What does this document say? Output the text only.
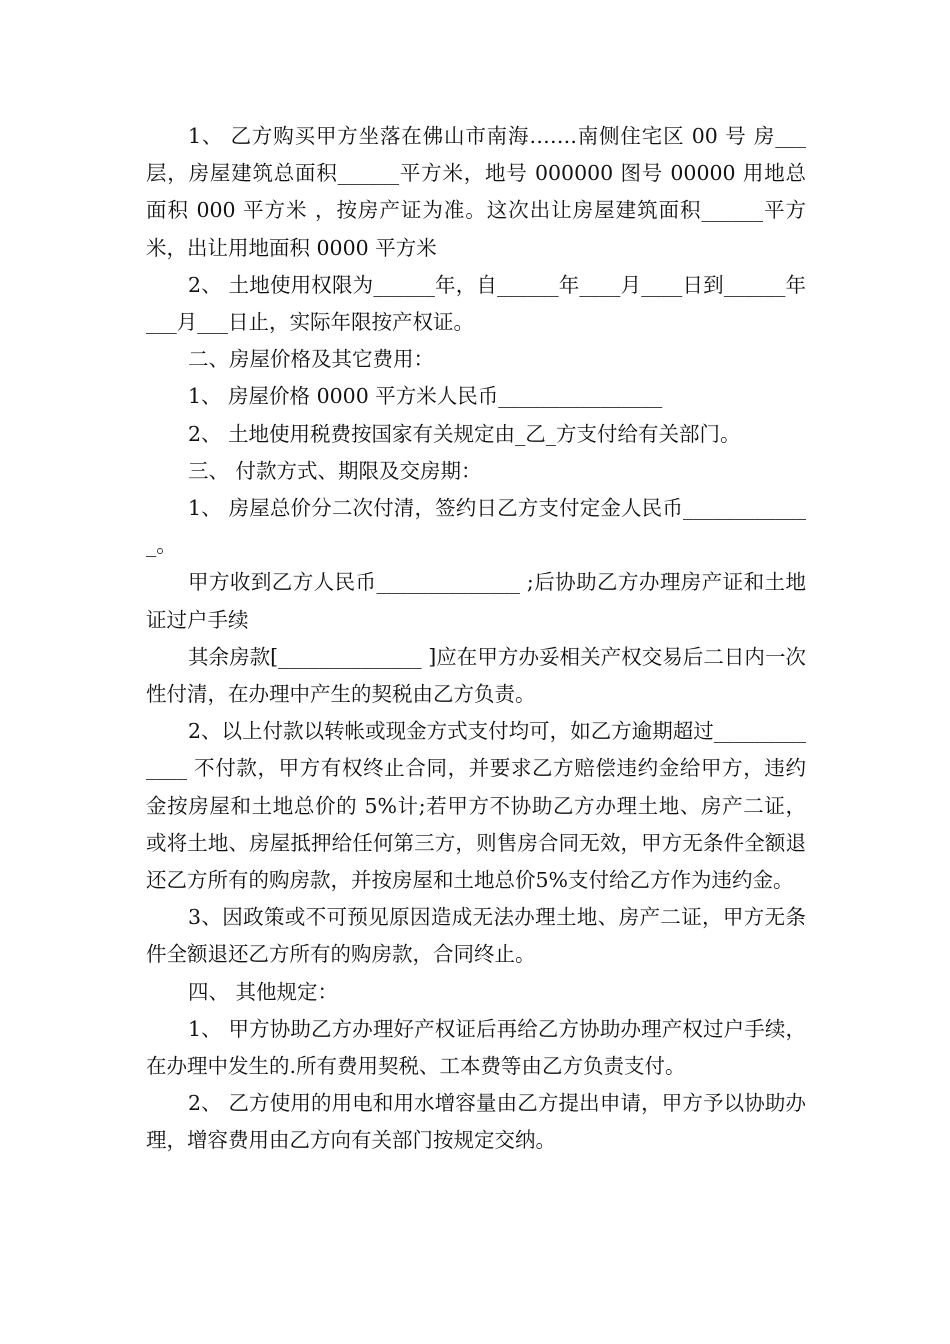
1、 乙方购买甲方坐落在佛山市南海…….南侧住宅区 00 号 房___层，房屋建筑总面积______平方米，地号 000000 图号 00000 用地总面积 000 平方米 ，按房产证为准。这次出让房屋建筑面积______平方米，出让用地面积 0000 平方米

2、 土地使用权限为______年，自______年____月____日到______年___月___日止，实际年限按产权证。

二、房屋价格及其它费用：

1、 房屋价格 0000 平方米人民币________________

2、 土地使用税费按国家有关规定由_乙_方支付给有关部门。

三、 付款方式、期限及交房期：

1、 房屋总价分二次付清，签约日乙方支付定金人民币_____________。

甲方收到乙方人民币______________ ;后协助乙方办理房产证和土地证过户手续

其余房款[______________ ]应在甲方办妥相关产权交易后二日内一次性付清，在办理中产生的契税由乙方负责。

2、以上付款以转帐或现金方式支付均可，如乙方逾期超过_____________ 不付款，甲方有权终止合同，并要求乙方赔偿违约金给甲方，违约金按房屋和土地总价的 5%计;若甲方不协助乙方办理土地、房产二证，或将土地、房屋抵押给任何第三方，则售房合同无效，甲方无条件全额退还乙方所有的购房款，并按房屋和土地总价5%支付给乙方作为违约金。

3、因政策或不可预见原因造成无法办理土地、房产二证，甲方无条件全额退还乙方所有的购房款，合同终止。

四、 其他规定：

1、 甲方协助乙方办理好产权证后再给乙方协助办理产权过户手续，在办理中发生的.所有费用契税、工本费等由乙方负责支付。

2、 乙方使用的用电和用水增容量由乙方提出申请，甲方予以协助办理，增容费用由乙方向有关部门按规定交纳。
